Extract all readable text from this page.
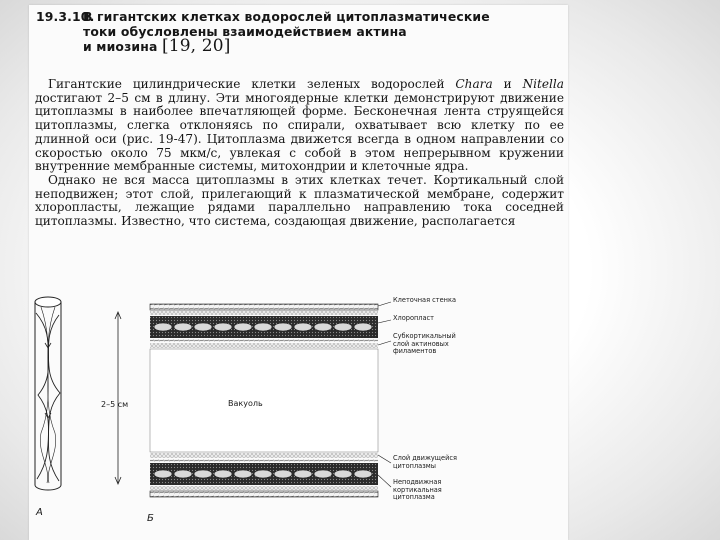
19.3.10.В гигантских клетках водорослей цитоплазматические
токи обусловлены взаимодействием актина
и миозина [19, 20]

Гигантские цилиндрические клетки зеленых водорослей Chara и Nitella достигают 2–5 см в длину. Эти многоядерные клетки демонстрируют движение цитоплазмы в наиболее впечатляющей форме. Бесконечная лента струящейся цитоплазмы, слегка отклоняясь по спирали, охватывает всю клетку по ее длинной оси (рис. 19-47). Цитоплазма движется всегда в одном направлении со скоростью около 75 мкм/с, увлекая с собой в этом непрерывном кружении внутренние мембранные системы, митохондрии и клеточные ядра.

Однако не вся масса цитоплазмы в этих клетках течет. Кортикальный слой неподвижен; этот слой, прилегающий к плазматической мембране, содержит хлоропласты, лежащие рядами параллельно направлению тока соседней цитоплазмы. Известно, что система, создающая движение, располагается

2–5 см	Вакуоль
А
Б
Клеточная стенка
Хлоропласт
Субкортикальный слой актиновых филаментов
Слой движущейся цитоплазмы
Неподвижная кортикальная цитоплазма
